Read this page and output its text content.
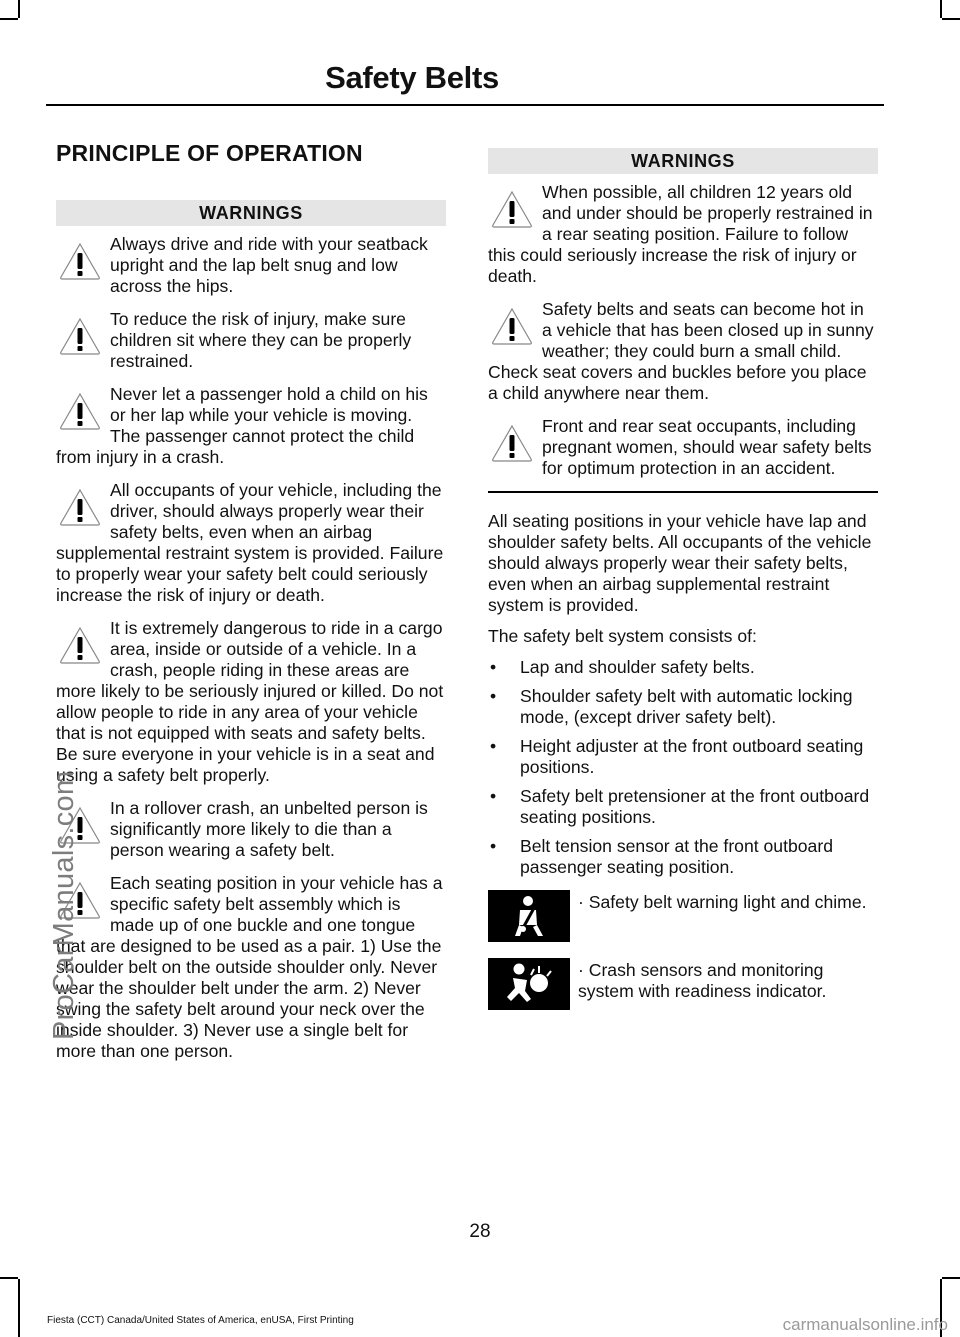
Safety Belts
PRINCIPLE OF OPERATION
WARNINGS
Always drive and ride with your seatback upright and the lap belt snug and low across the hips.
To reduce the risk of injury, make sure children sit where they can be properly restrained.
Never let a passenger hold a child on his or her lap while your vehicle is moving. The passenger cannot protect the child from injury in a crash.
All occupants of your vehicle, including the driver, should always properly wear their safety belts, even when an airbag supplemental restraint system is provided. Failure to properly wear your safety belt could seriously increase the risk of injury or death.
It is extremely dangerous to ride in a cargo area, inside or outside of a vehicle. In a crash, people riding in these areas are more likely to be seriously injured or killed. Do not allow people to ride in any area of your vehicle that is not equipped with seats and safety belts. Be sure everyone in your vehicle is in a seat and using a safety belt properly.
In a rollover crash, an unbelted person is significantly more likely to die than a person wearing a safety belt.
Each seating position in your vehicle has a specific safety belt assembly which is made up of one buckle and one tongue that are designed to be used as a pair. 1) Use the shoulder belt on the outside shoulder only. Never wear the shoulder belt under the arm. 2) Never swing the safety belt around your neck over the inside shoulder. 3) Never use a single belt for more than one person.
WARNINGS
When possible, all children 12 years old and under should be properly restrained in a rear seating position. Failure to follow this could seriously increase the risk of injury or death.
Safety belts and seats can become hot in a vehicle that has been closed up in sunny weather; they could burn a small child. Check seat covers and buckles before you place a child anywhere near them.
Front and rear seat occupants, including pregnant women, should wear safety belts for optimum protection in an accident.

All seating positions in your vehicle have lap and shoulder safety belts. All occupants of the vehicle should always properly wear their safety belts, even when an airbag supplemental restraint system is provided.

The safety belt system consists of:

• Lap and shoulder safety belts.
• Shoulder safety belt with automatic locking mode, (except driver safety belt).
• Height adjuster at the front outboard seating positions.
• Safety belt pretensioner at the front outboard seating positions.
• Belt tension sensor at the front outboard passenger seating position.
· Safety belt warning light and chime.
· Crash sensors and monitoring system with readiness indicator.
ProCarManuals.com
28
Fiesta (CCT) Canada/United States of America, enUSA, First Printing	carmanualsonline.info
